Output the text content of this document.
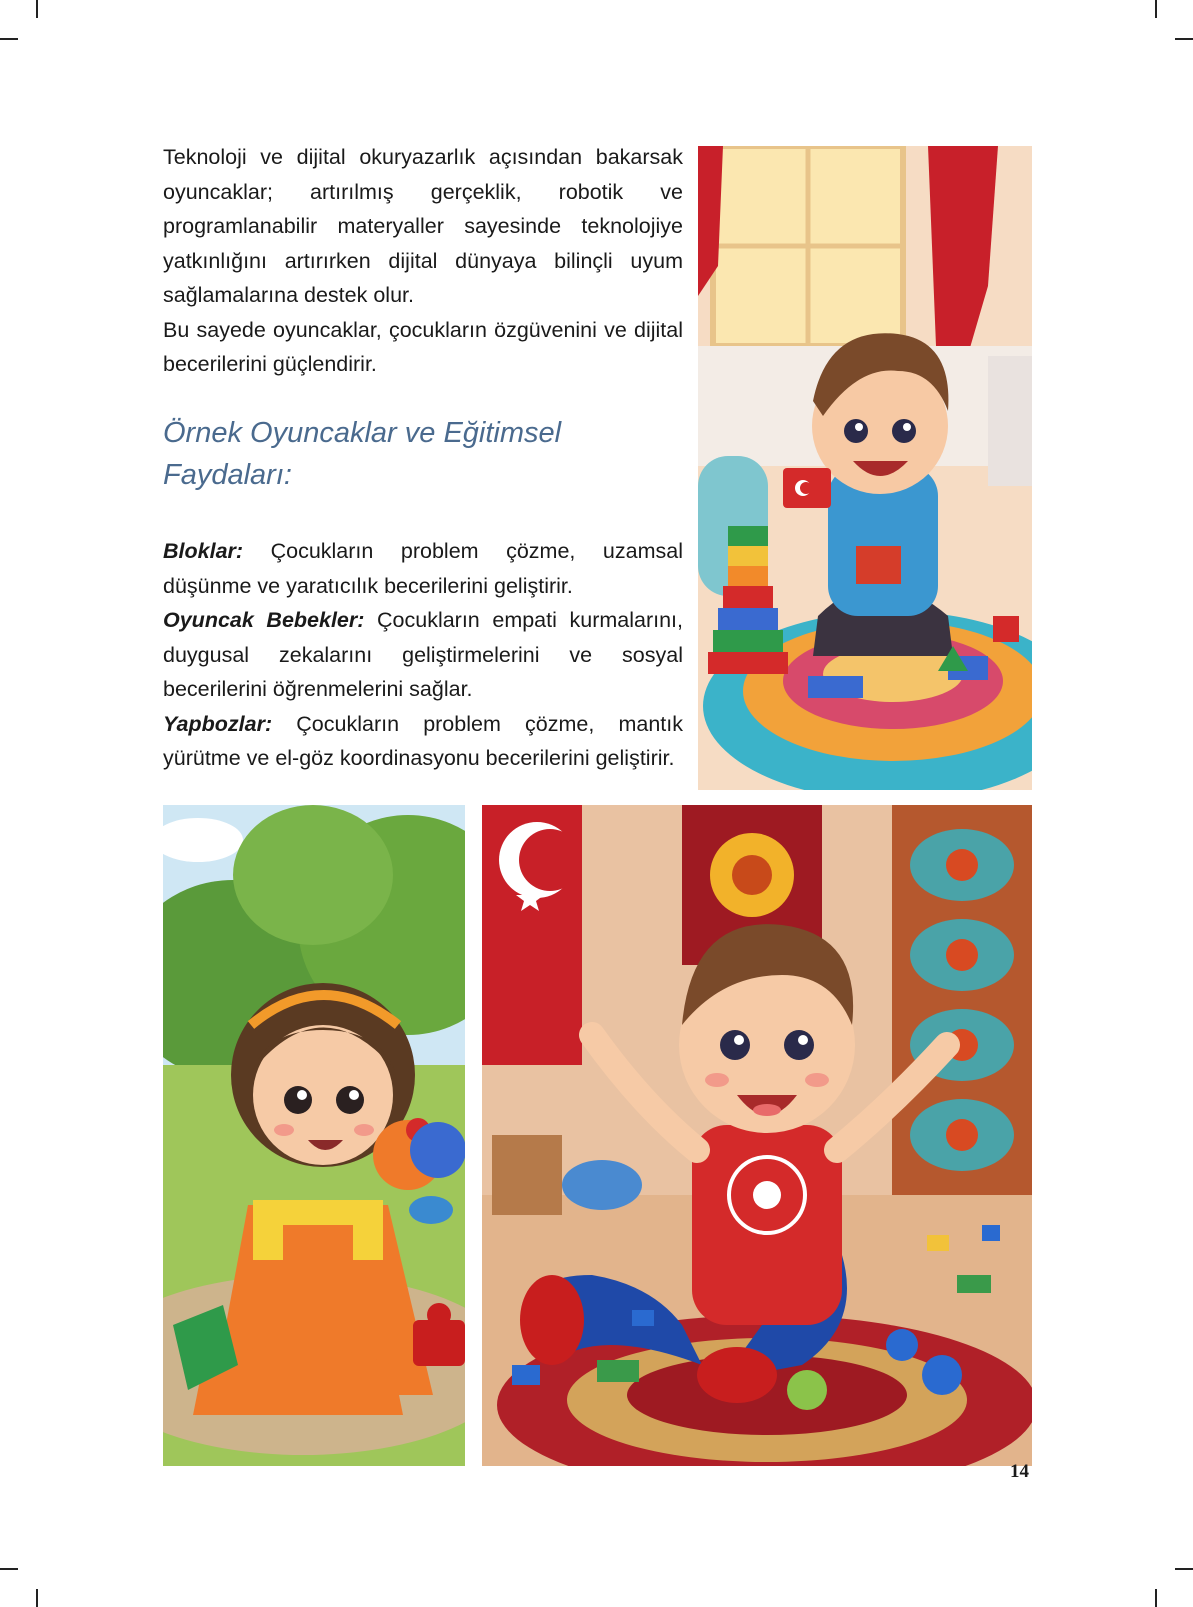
Teknoloji ve dijital okuryazarlık açısından bakarsak oyuncaklar; artırılmış gerçeklik, robotik ve programlanabilir materyaller sayesinde teknolojiye yatkınlığını artırırken dijital dünyaya bilinçli uyum sağlamalarına destek olur.

Bu sayede oyuncaklar, çocukların özgüvenini ve dijital becerilerini güçlendirir.

Örnek Oyuncaklar ve Eğitimsel
Faydaları:

Bloklar: Çocukların problem çözme, uzamsal düşünme ve yaratıcılık becerilerini geliştirir.

Oyuncak Bebekler: Çocukların empati kurmalarını, duygusal zekalarını geliştirmelerini ve sosyal becerilerini öğrenmelerini sağlar.

Yapbozlar: Çocukların problem çözme, mantık yürütme ve el-göz koordinasyonu becerilerini geliştirir.

14
